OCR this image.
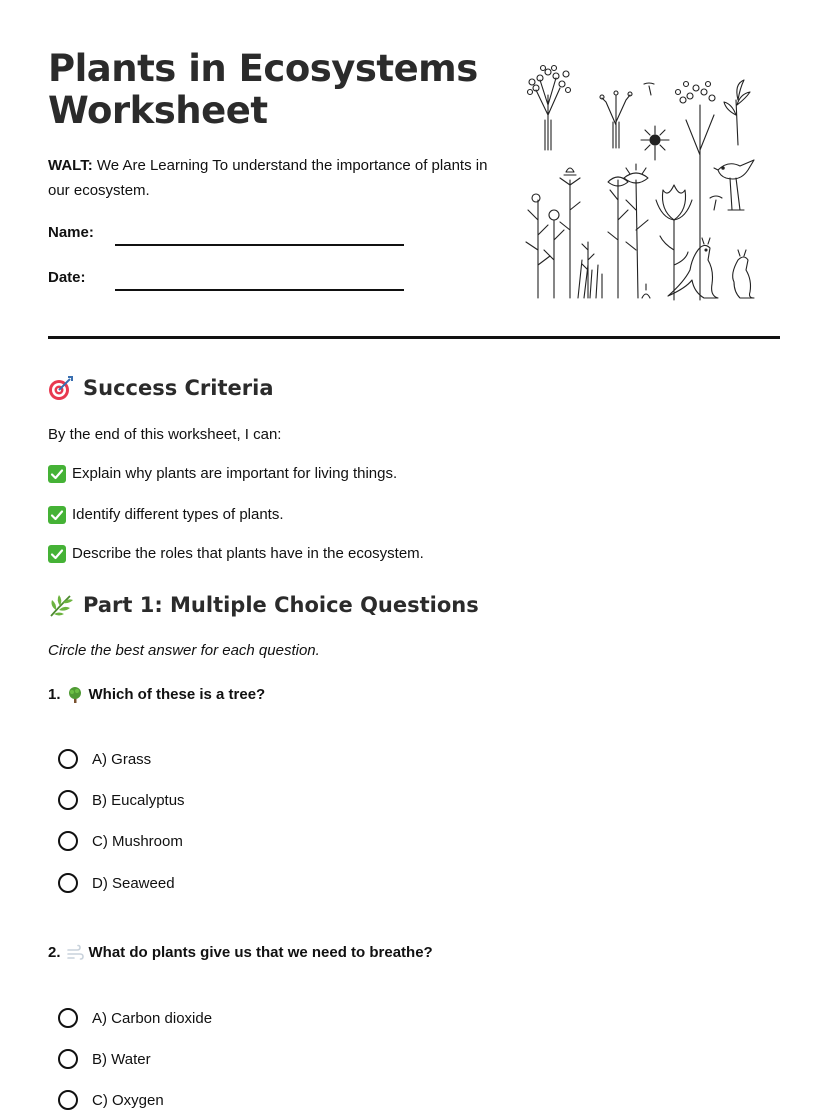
Plants in Ecosystems Worksheet
WALT: We Are Learning To understand the importance of plants in our ecosystem.
Name:
Date:
Success Criteria
By the end of this worksheet, I can:
Explain why plants are important for living things.
Identify different types of plants.
Describe the roles that plants have in the ecosystem.
Part 1: Multiple Choice Questions
Circle the best answer for each question.
1. Which of these is a tree?
A) Grass
B) Eucalyptus
C) Mushroom
D) Seaweed
2. What do plants give us that we need to breathe?
A) Carbon dioxide
B) Water
C) Oxygen
